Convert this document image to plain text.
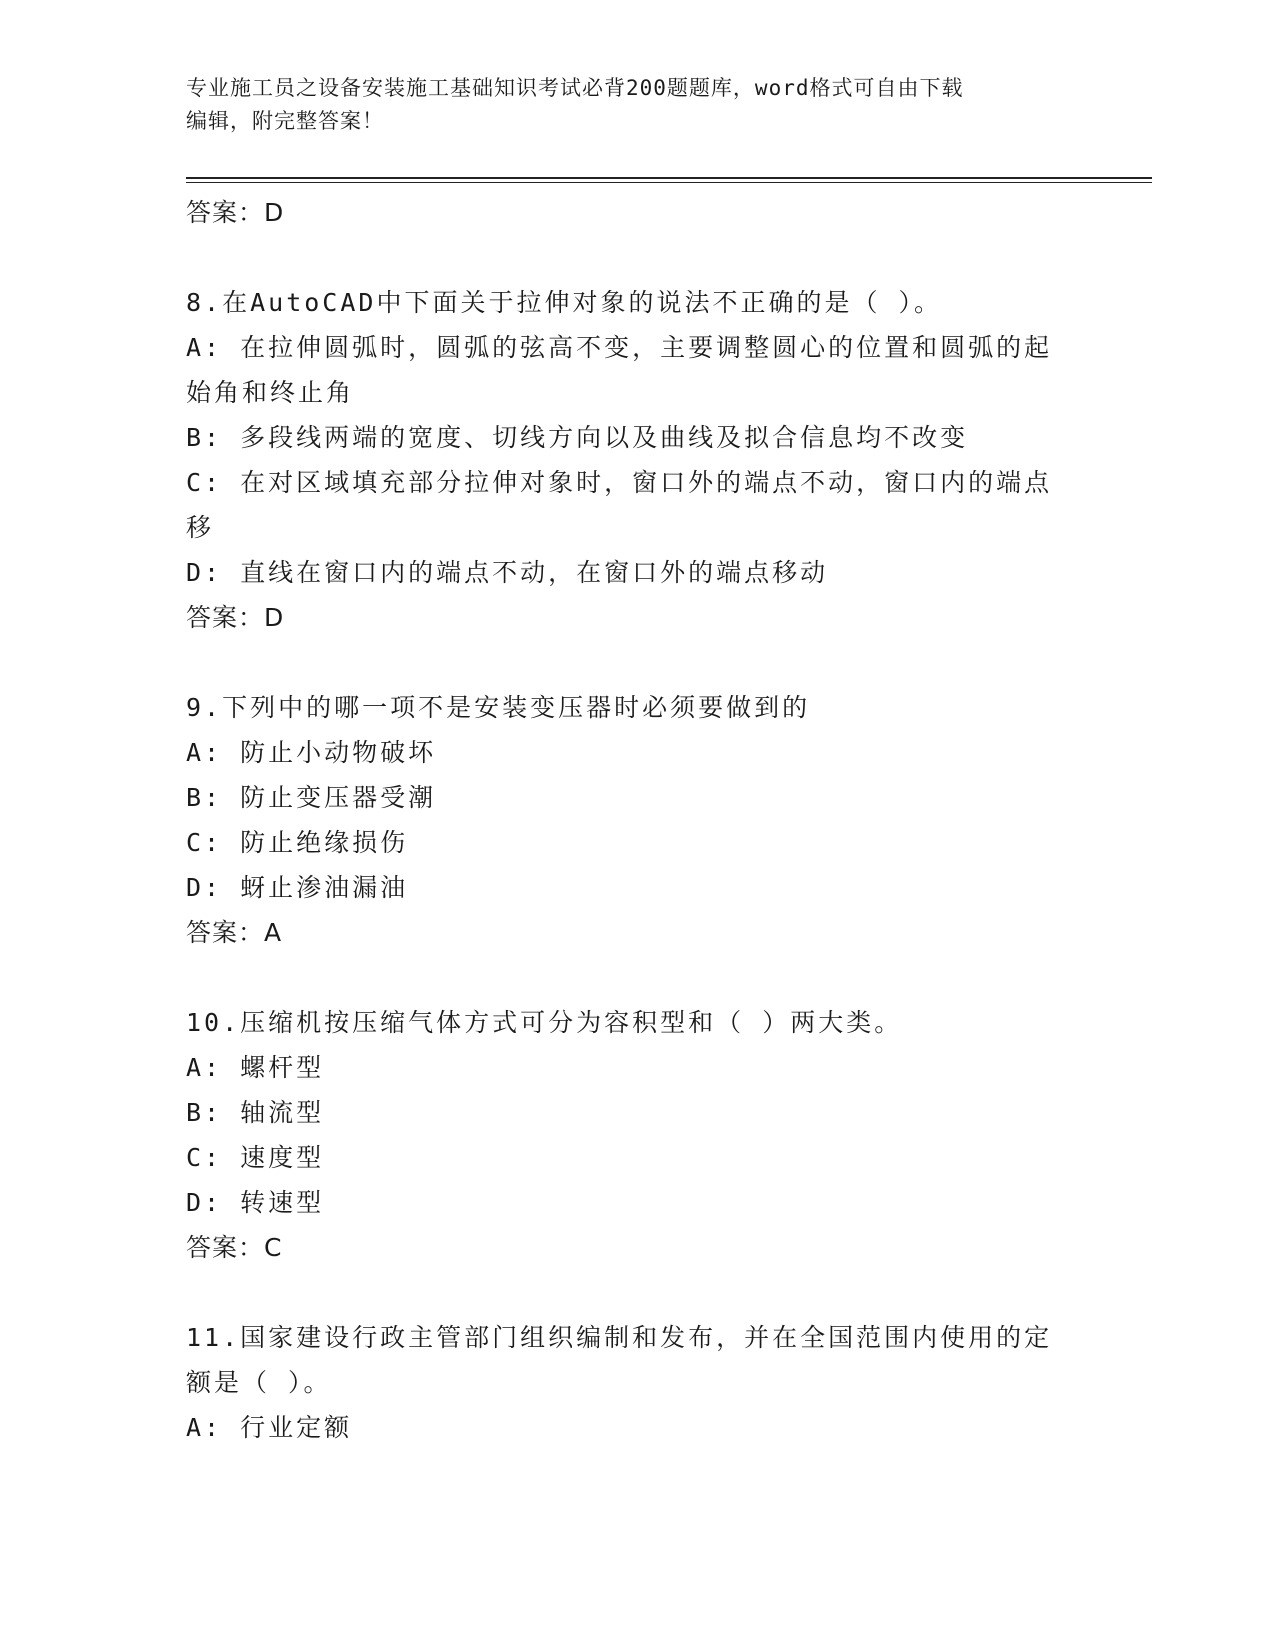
专业施工员之设备安装施工基础知识考试必背200题题库，word格式可自由下载
编辑，附完整答案！
答案：D
8.在AutoCAD中下面关于拉伸对象的说法不正确的是（ ）。
A: 在拉伸圆弧时，圆弧的弦高不变，主要调整圆心的位置和圆弧的起
始角和终止角
B: 多段线两端的宽度、切线方向以及曲线及拟合信息均不改变
C: 在对区域填充部分拉伸对象时，窗口外的端点不动，窗口内的端点
移
D: 直线在窗口内的端点不动，在窗口外的端点移动
答案：D
9.下列中的哪一项不是安装变压器时必须要做到的
A: 防止小动物破坏
B: 防止变压器受潮
C: 防止绝缘损伤
D: 蚜止渗油漏油
答案：A
10.压缩机按压缩气体方式可分为容积型和（ ）两大类。
A: 螺杆型
B: 轴流型
C: 速度型
D: 转速型
答案：C
11.国家建设行政主管部门组织编制和发布，并在全国范围内使用的定
额是（ ）。
A: 行业定额
